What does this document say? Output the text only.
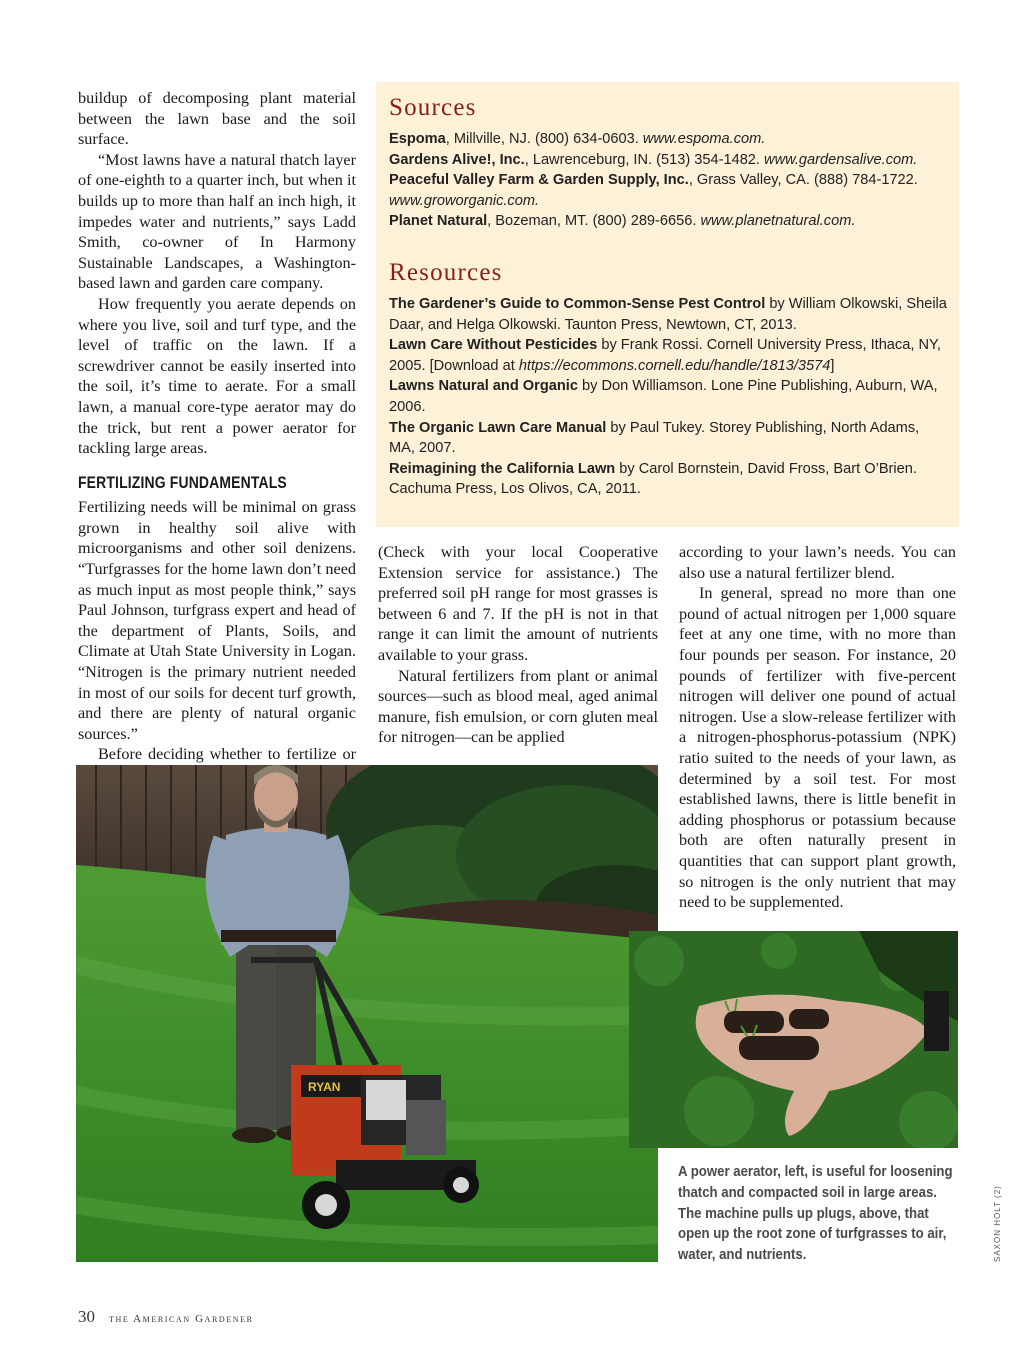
buildup of decomposing plant material between the lawn base and the soil surface.

“Most lawns have a natural thatch layer of one-eighth to a quarter inch, but when it builds up to more than half an inch high, it impedes water and nutrients,” says Ladd Smith, co-owner of In Harmony Sustainable Landscapes, a Washington-based lawn and garden care company.

How frequently you aerate depends on where you live, soil and turf type, and the level of traffic on the lawn. If a screwdriver cannot be easily inserted into the soil, it’s time to aerate. For a small lawn, a manual core-type aerator may do the trick, but rent a power aerator for tackling large areas.

FERTILIZING FUNDAMENTALS

Fertilizing needs will be minimal on grass grown in healthy soil alive with microorganisms and other soil denizens. “Turfgrasses for the home lawn don’t need as much input as most people think,” says Paul Johnson, turfgrass expert and head of the department of Plants, Soils, and Climate at Utah State University in Logan. “Nitrogen is the primary nutrient needed in most of our soils for decent turf growth, and there are plenty of natural organic sources.”

Before deciding whether to fertilize or

Sources

Espoma, Millville, NJ. (800) 634-0603. www.espoma.com.

Gardens Alive!, Inc., Lawrenceburg, IN. (513) 354-1482. www.gardensalive.com.

Peaceful Valley Farm & Garden Supply, Inc., Grass Valley, CA. (888) 784-1722. www.groworganic.com.

Planet Natural, Bozeman, MT. (800) 289-6656. www.planetnatural.com.

Resources

The Gardener’s Guide to Common-Sense Pest Control by William Olkowski, Sheila Daar, and Helga Olkowski. Taunton Press, Newtown, CT, 2013.

Lawn Care Without Pesticides by Frank Rossi. Cornell University Press, Ithaca, NY, 2005. [Download at https://ecommons.cornell.edu/handle/1813/3574]

Lawns Natural and Organic by Don Williamson. Lone Pine Publishing, Auburn, WA, 2006.

The Organic Lawn Care Manual by Paul Tukey. Storey Publishing, North Adams, MA, 2007.

Reimagining the California Lawn by Carol Bornstein, David Fross, Bart O’Brien. Cachuma Press, Los Olivos, CA, 2011.

(Check with your local Cooperative Extension service for assistance.) The preferred soil pH range for most grasses is between 6 and 7. If the pH is not in that range it can limit the amount of nutrients available to your grass.

Natural fertilizers from plant or animal sources—such as blood meal, aged animal manure, fish emulsion, or corn gluten meal for nitrogen—can be applied

according to your lawn’s needs. You can also use a natural fertilizer blend.

In general, spread no more than one pound of actual nitrogen per 1,000 square feet at any one time, with no more than four pounds per season. For instance, 20 pounds of fertilizer with five-percent nitrogen will deliver one pound of actual nitrogen. Use a slow-release fertilizer with a nitrogen-phosphorus-potassium (NPK) ratio suited to the needs of your lawn, as determined by a soil test. For most established lawns, there is little benefit in adding phosphorus or potassium because both are often naturally present in quantities that can support plant growth, so nitrogen is the only nutrient that may need to be supplemented.

RYAN
A power aerator, left, is useful for loosening thatch and compacted soil in large areas. The machine pulls up plugs, above, that open up the root zone of turfgrasses to air, water, and nutrients.	SAXON HOLT (2)
30 the American Gardener
